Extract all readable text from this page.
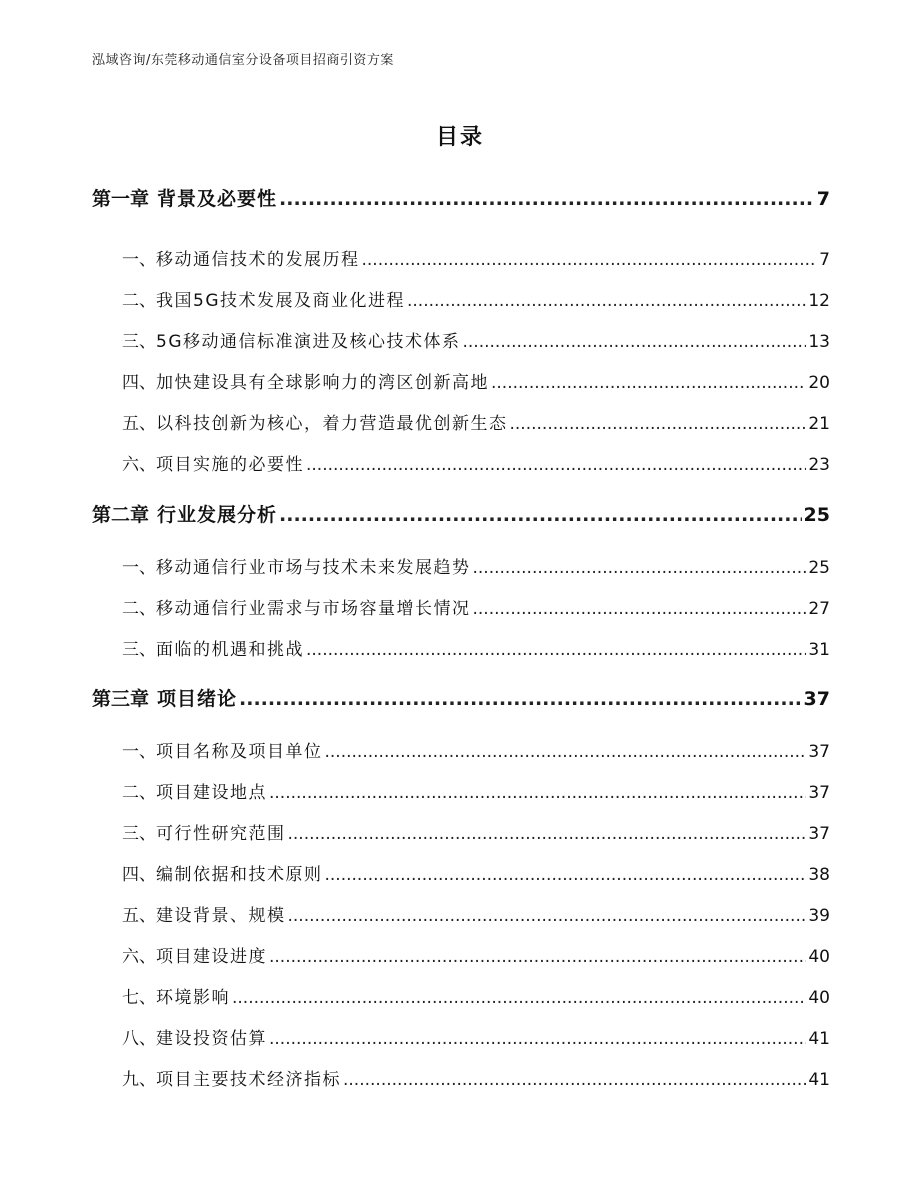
泓域咨询/东莞移动通信室分设备项目招商引资方案
目录
第一章 背景及必要性 .....	7
一、 移动通信技术的发展历程 .....	7
二、 我国5G技术发展及商业化进程 .....	12
三、 5G移动通信标准演进及核心技术体系 .....	13
四、 加快建设具有全球影响力的湾区创新高地 .....	20
五、 以科技创新为核心，着力营造最优创新生态 .....	21
六、 项目实施的必要性 .....	23
第二章 行业发展分析 .....	25
一、 移动通信行业市场与技术未来发展趋势 .....	25
二、 移动通信行业需求与市场容量增长情况 .....	27
三、 面临的机遇和挑战 .....	31
第三章 项目绪论 .....	37
一、 项目名称及项目单位 .....	37
二、 项目建设地点 .....	37
三、 可行性研究范围 .....	37
四、 编制依据和技术原则 .....	38
五、 建设背景、规模 .....	39
六、 项目建设进度 .....	40
七、 环境影响 .....	40
八、 建设投资估算 .....	41
九、 项目主要技术经济指标 .....	41
